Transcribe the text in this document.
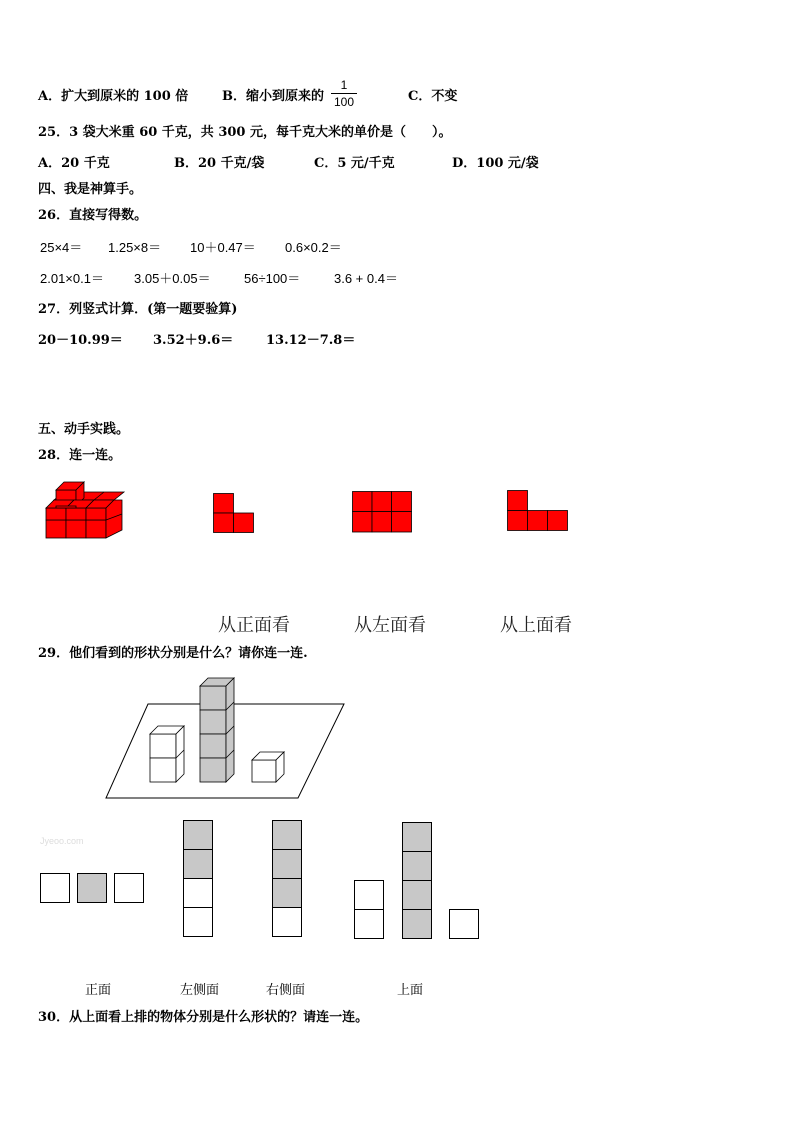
A．扩大到原米的 100 倍	B．缩小到原来的
1
100	C．不变
25．3 袋大米重 60 千克，共 300 元，每千克大米的单价是（　　）。
A．20 千克	B．20 千克/袋	C．5 元/千克	D．100 元/袋
四、我是神算手。
26．直接写得数。
25×4＝ 1.25×8＝ 10＋0.47＝ 0.6×0.2＝
2.01×0.1＝ 3.05＋0.05＝	56÷100＝	3.6 + 0.4＝
27．列竖式计算．(第一题要验算)
20－10.99＝ 3.52＋9.6＝	13.12－7.8＝
五、动手实践。
28．连一连。
从正面看	从左面看	从上面看
29．他们看到的形状分别是什么？请你连一连.
Jyeoo.com
正面	左侧面	右侧面	上面
30．从上面看上排的物体分别是什么形状的？请连一连。
